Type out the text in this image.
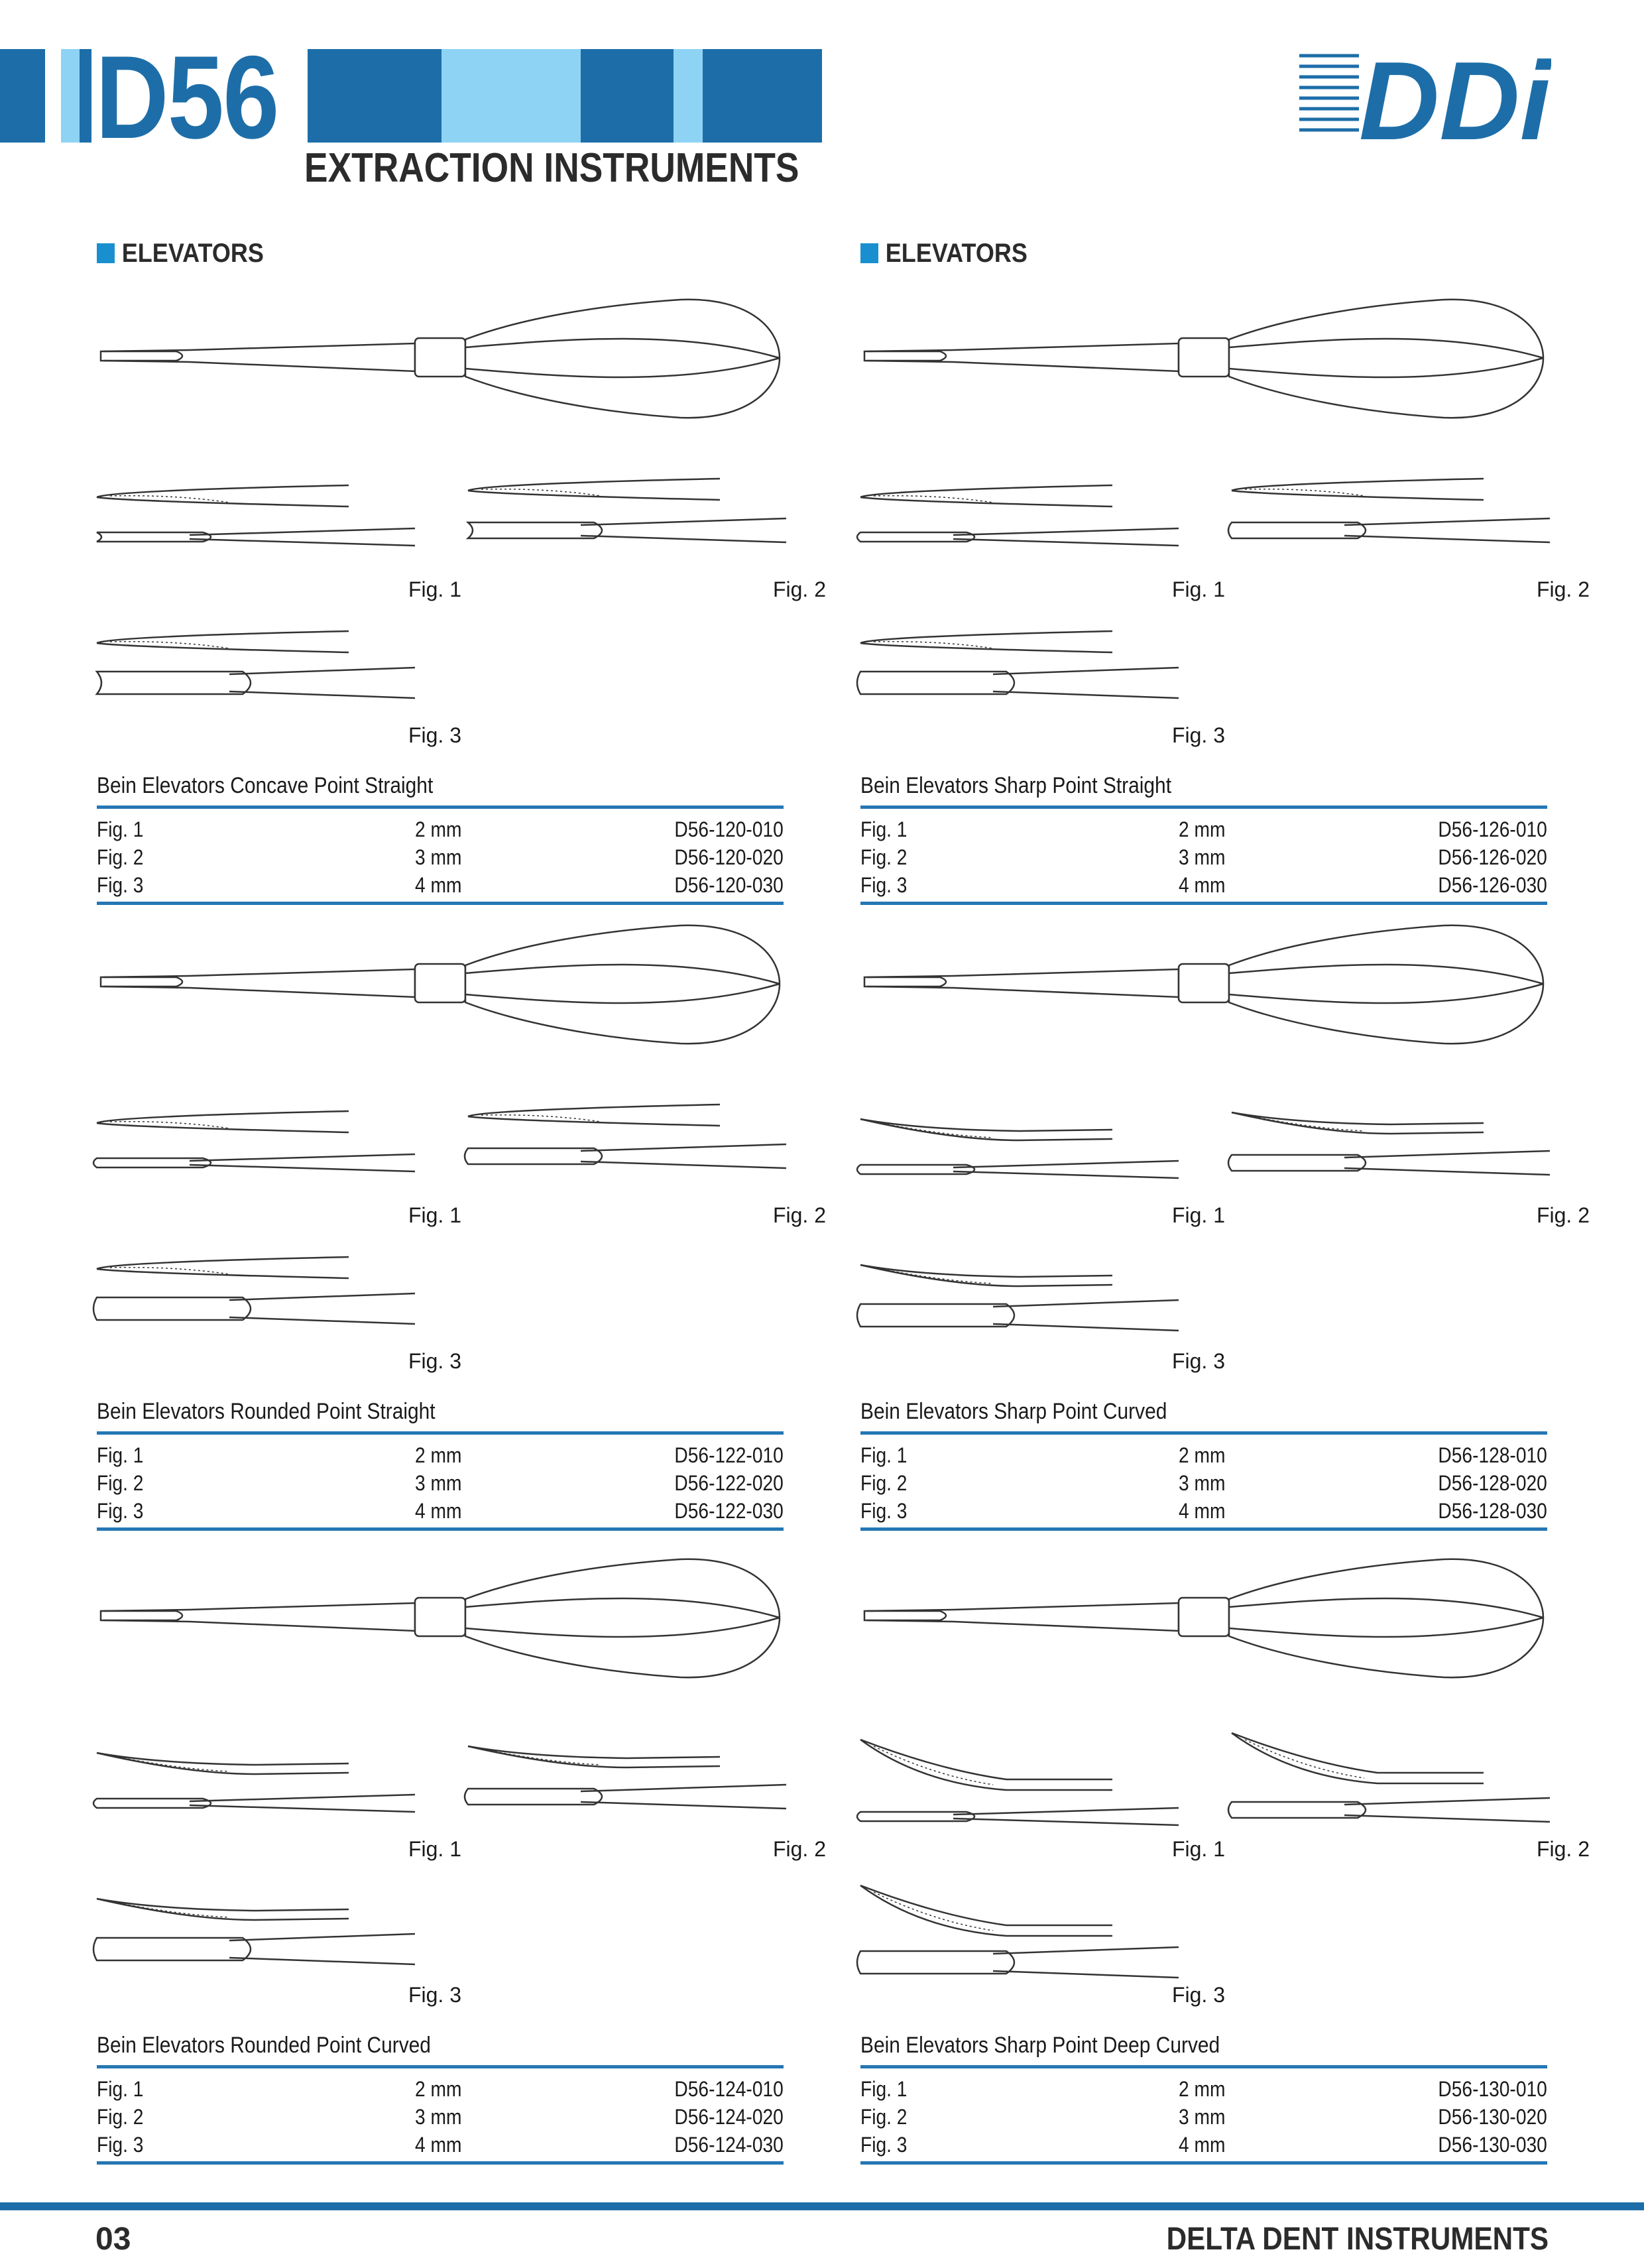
D56
EXTRACTION INSTRUMENTS
DDi
ELEVATORS	ELEVATORS
Fig. 1	Fig. 2
Fig. 3
Bein Elevators Concave Point Straight
Fig. 1	2 mm	D56-120-010
Fig. 2	3 mm	D56-120-020
Fig. 3	4 mm	D56-120-030
Fig. 1	Fig. 2
Fig. 3
Bein Elevators Sharp Point Straight
Fig. 1	2 mm	D56-126-010
Fig. 2	3 mm	D56-126-020
Fig. 3	4 mm	D56-126-030
Fig. 1	Fig. 2
Fig. 3
Bein Elevators Rounded Point Straight
Fig. 1	2 mm	D56-122-010
Fig. 2	3 mm	D56-122-020
Fig. 3	4 mm	D56-122-030
Fig. 1	Fig. 2
Fig. 3
Bein Elevators Sharp Point Curved
Fig. 1	2 mm	D56-128-010
Fig. 2	3 mm	D56-128-020
Fig. 3	4 mm	D56-128-030
Fig. 1	Fig. 2
Fig. 3
Bein Elevators Rounded Point Curved
Fig. 1	2 mm	D56-124-010
Fig. 2	3 mm	D56-124-020
Fig. 3	4 mm	D56-124-030
Fig. 1	Fig. 2
Fig. 3
Bein Elevators Sharp Point Deep Curved
Fig. 1	2 mm	D56-130-010
Fig. 2	3 mm	D56-130-020
Fig. 3	4 mm	D56-130-030
03	DELTA DENT INSTRUMENTS
